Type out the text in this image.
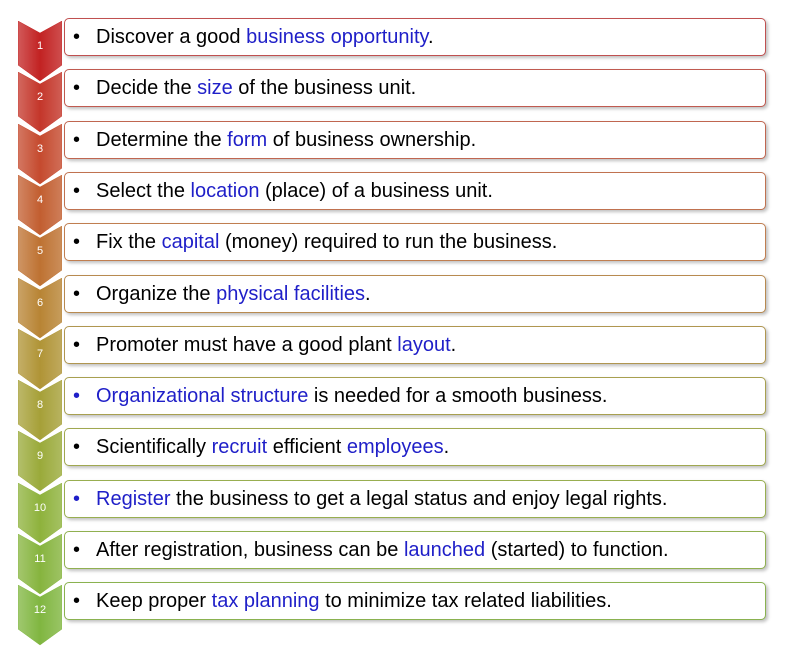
1	• Discover a good business opportunity.
2	• Decide the size of the business unit.
3	• Determine the form of business ownership.
4	• Select the location (place) of a business unit.
5	• Fix the capital (money) required to run the business.
6	• Organize the physical facilities.
7	• Promoter must have a good plant layout.
8	• Organizational structure is needed for a smooth business.
9	• Scientifically recruit efficient employees.
10	• Register the business to get a legal status and enjoy legal rights.
11	• After registration, business can be launched (started) to function.
12	• Keep proper tax planning to minimize tax related liabilities.
